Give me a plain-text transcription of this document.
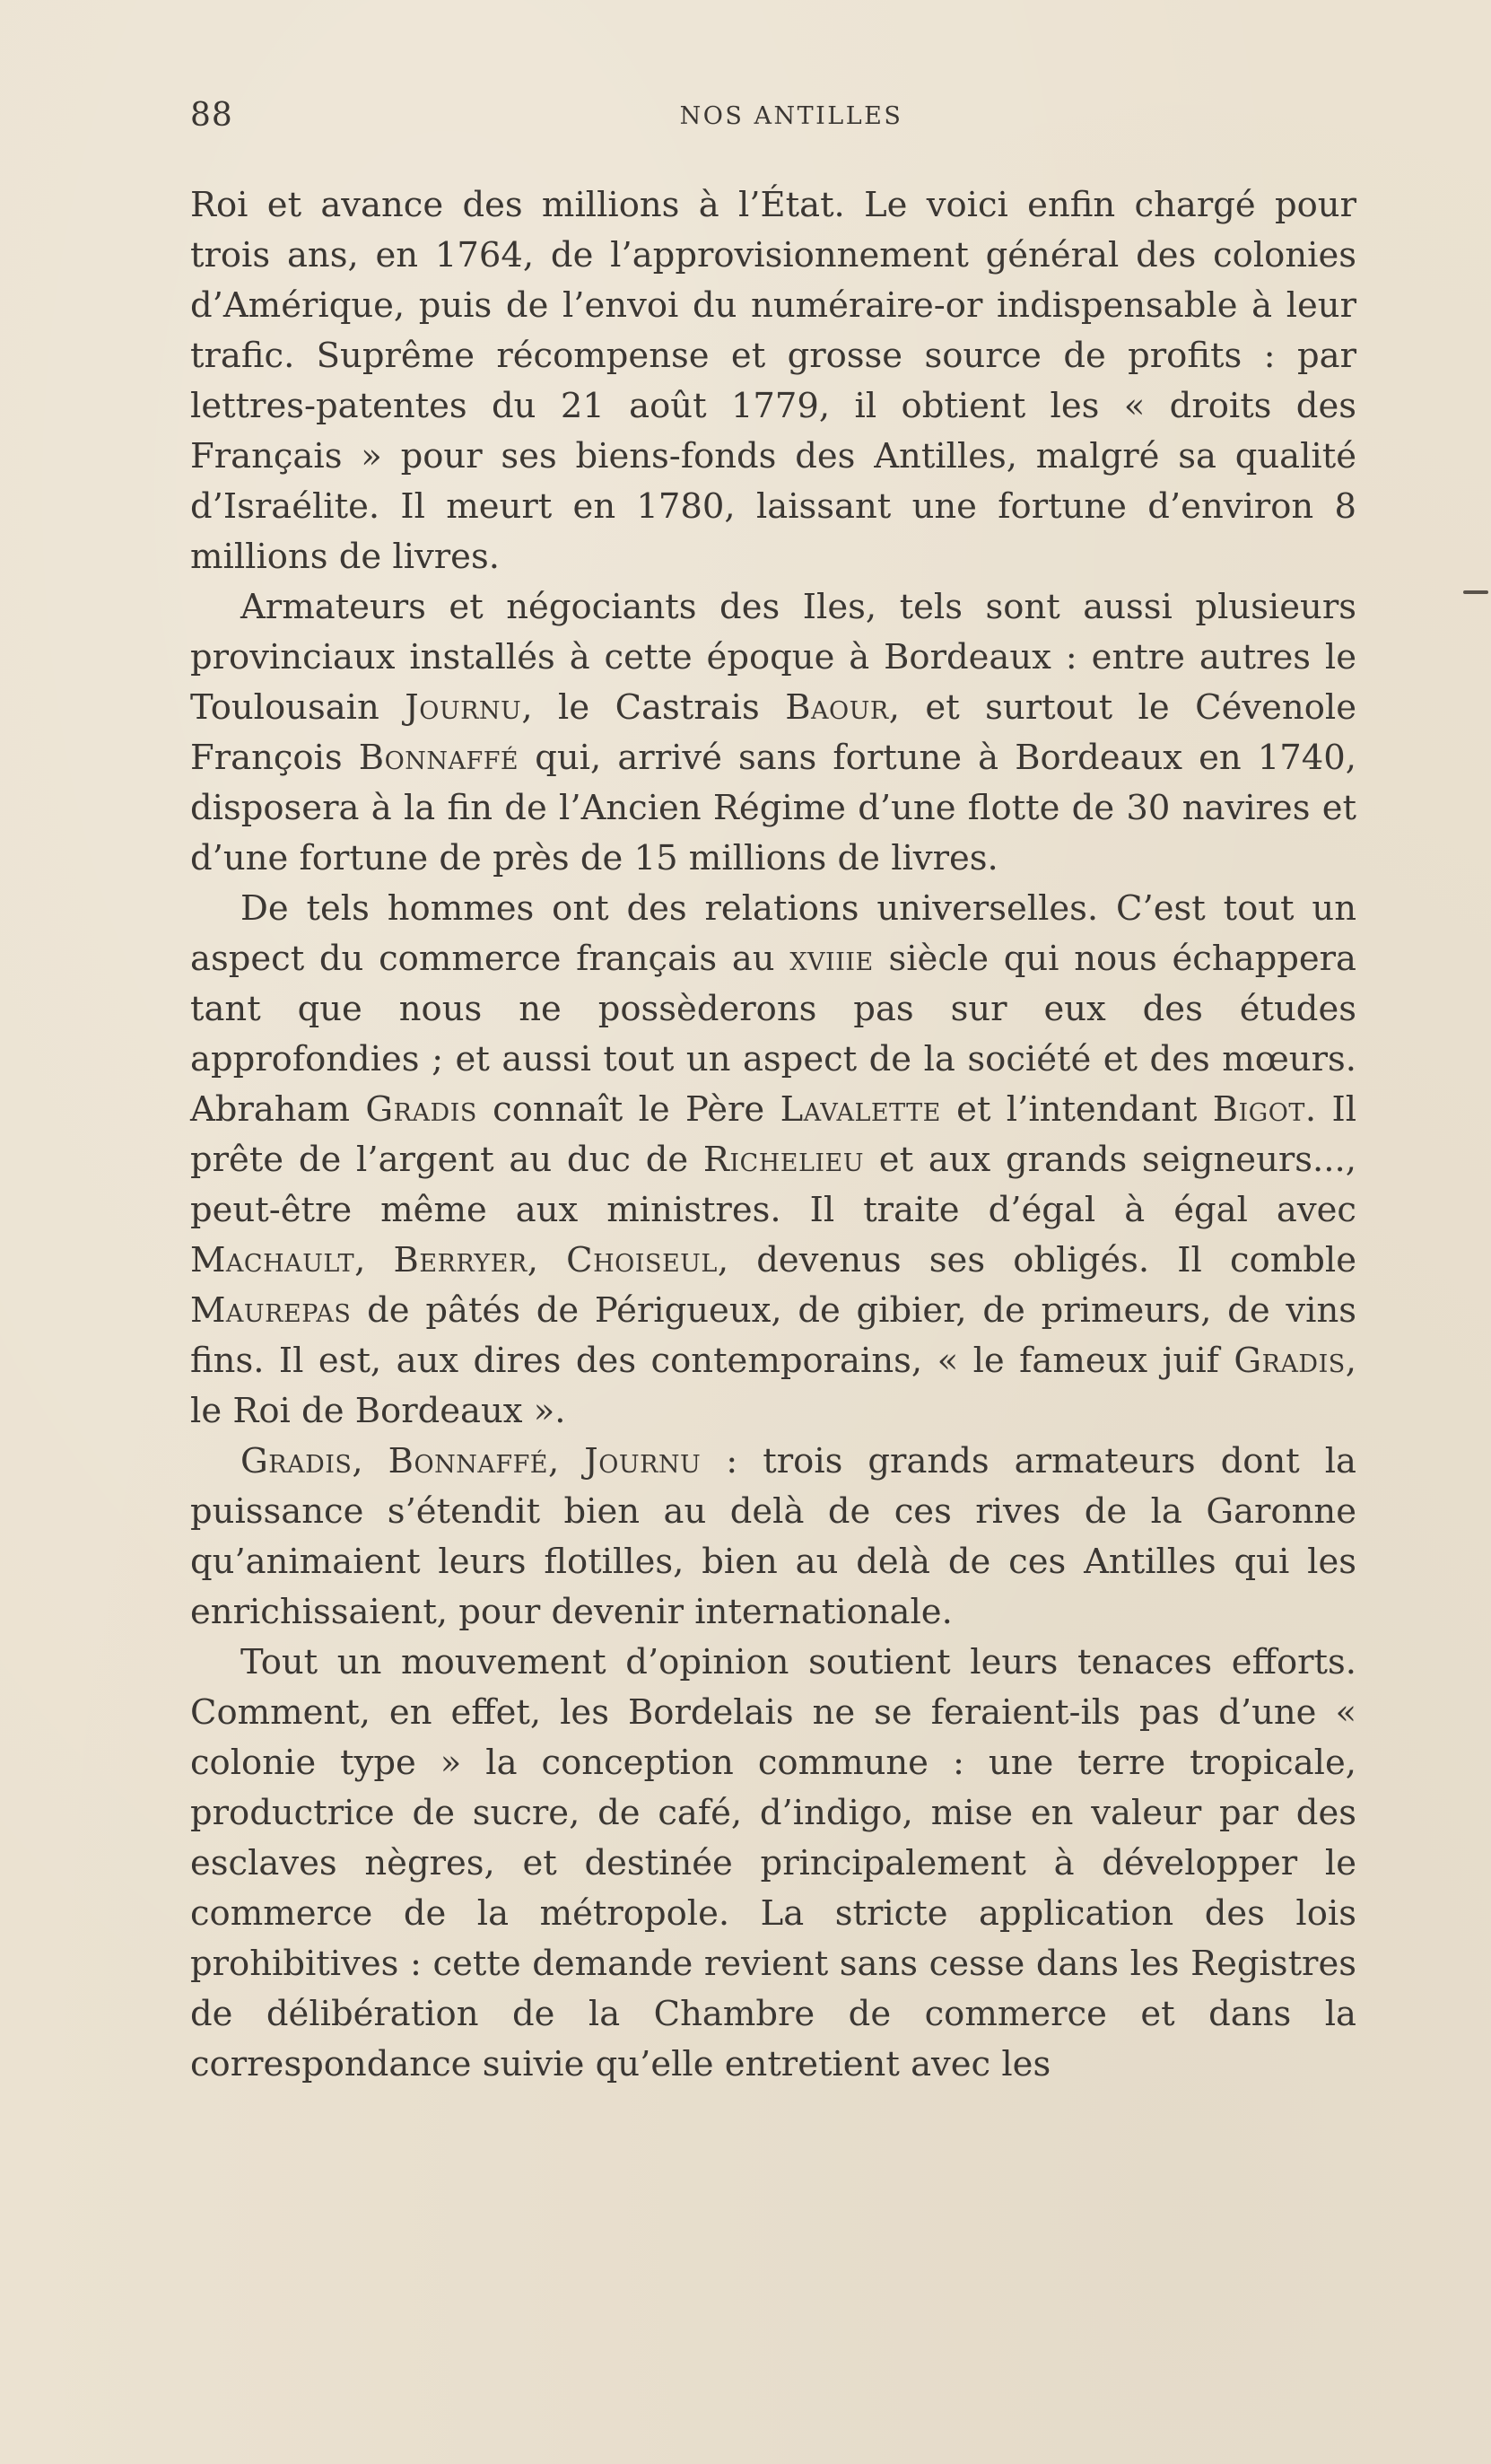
88	NOS ANTILLES

Roi et avance des millions à l’État. Le voici enfin chargé pour trois ans, en 1764, de l’approvisionnement général des colonies d’Amérique, puis de l’envoi du numéraire-or indispensable à leur trafic. Suprême récompense et grosse source de profits : par lettres-patentes du 21 août 1779, il obtient les « droits des Français » pour ses biens-fonds des Antilles, malgré sa qualité d’Israélite. Il meurt en 1780, laissant une fortune d’environ 8 millions de livres.

Armateurs et négociants des Iles, tels sont aussi plusieurs provinciaux installés à cette époque à Bordeaux : entre autres le Toulousain Journu, le Castrais Baour, et surtout le Cévenole François Bonnaffé qui, arrivé sans fortune à Bordeaux en 1740, disposera à la fin de l’Ancien Régime d’une flotte de 30 navires et d’une fortune de près de 15 millions de livres.

De tels hommes ont des relations universelles. C’est tout un aspect du commerce français au xviiie siècle qui nous échappera tant que nous ne possèderons pas sur eux des études approfondies ; et aussi tout un aspect de la société et des mœurs. Abraham Gradis connaît le Père Lavalette et l’intendant Bigot. Il prête de l’argent au duc de Richelieu et aux grands seigneurs..., peut-être même aux ministres. Il traite d’égal à égal avec Machault, Berryer, Choiseul, devenus ses obligés. Il comble Maurepas de pâtés de Périgueux, de gibier, de primeurs, de vins fins. Il est, aux dires des contemporains, « le fameux juif Gradis, le Roi de Bordeaux ».

Gradis, Bonnaffé, Journu : trois grands armateurs dont la puissance s’étendit bien au delà de ces rives de la Garonne qu’animaient leurs flotilles, bien au delà de ces Antilles qui les enrichissaient, pour devenir internationale.

Tout un mouvement d’opinion soutient leurs tenaces efforts. Comment, en effet, les Bordelais ne se feraient-ils pas d’une « colonie type » la conception commune : une terre tropicale, productrice de sucre, de café, d’indigo, mise en valeur par des esclaves nègres, et destinée principalement à développer le commerce de la métropole. La stricte application des lois prohibitives : cette demande revient sans cesse dans les Registres de délibération de la Chambre de commerce et dans la correspondance suivie qu’elle entretient avec les
